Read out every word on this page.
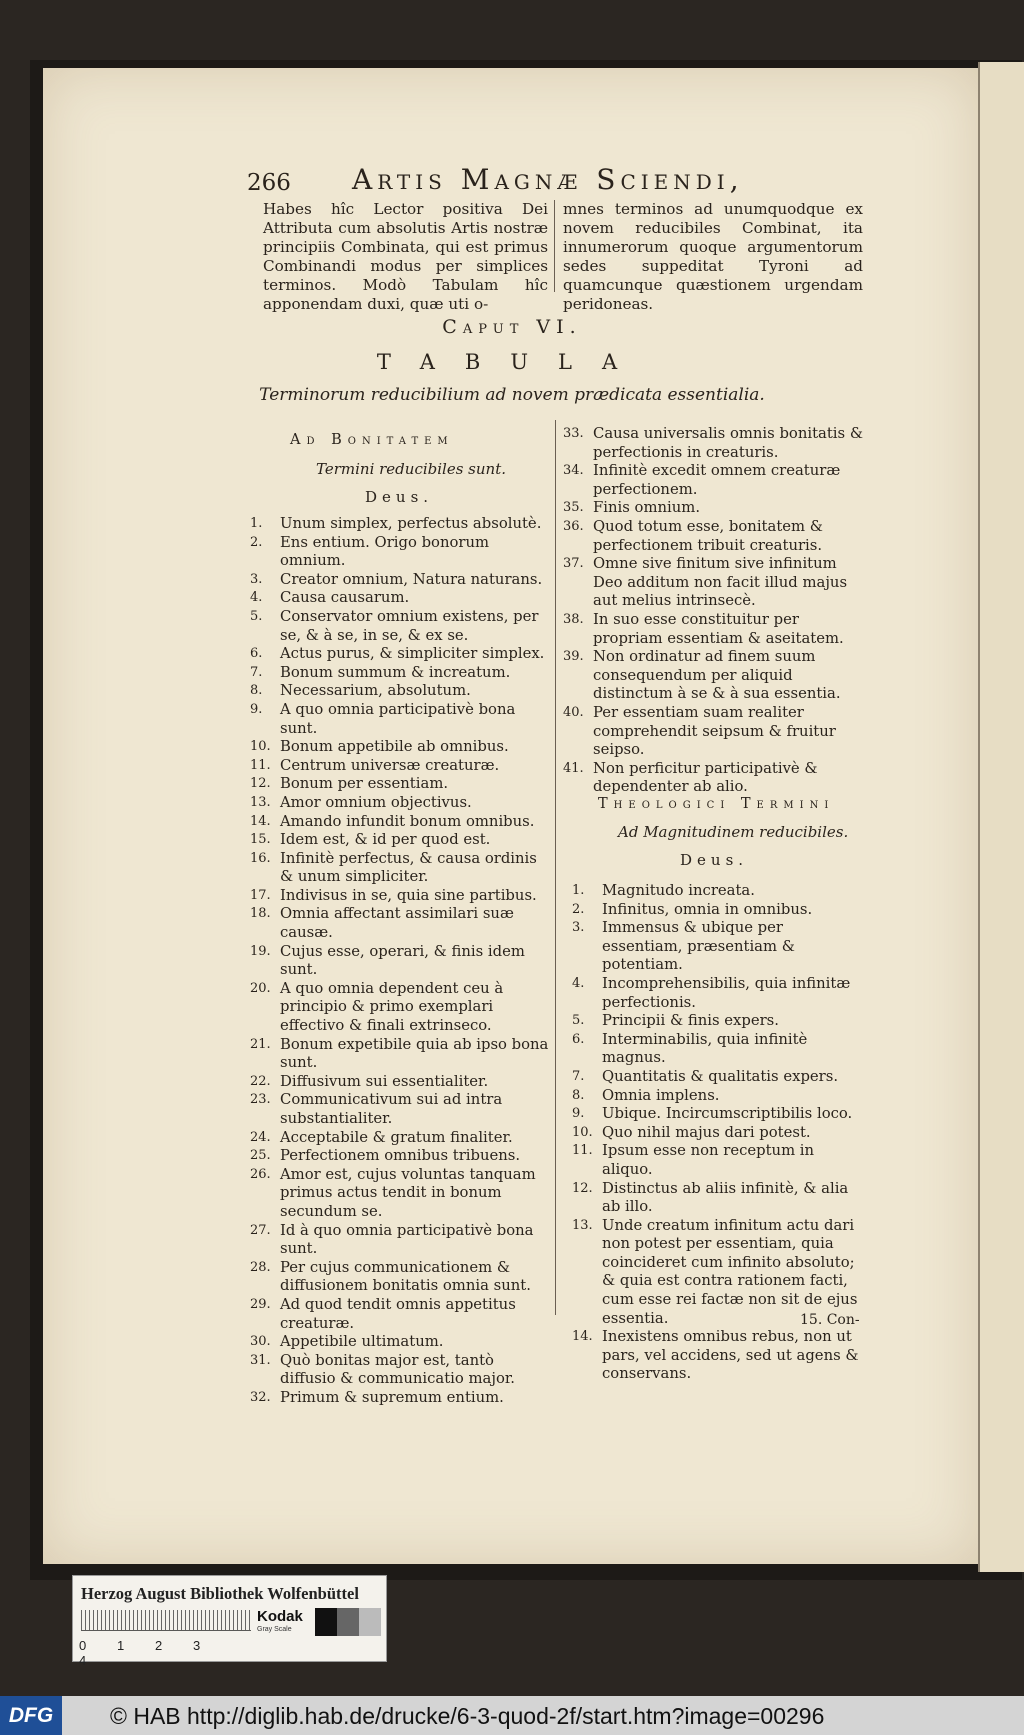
266 Artis Magnæ Sciendi,
Habes hîc Lector positiva Dei Attributa cum absolutis Artis nostræ principiis Combinata, qui est primus Combinandi modus per simplices terminos. Modò Tabulam hîc apponendam duxi, quæ uti o-
mnes terminos ad unumquodque ex novem reducibiles Combinat, ita innumerorum quoque argumentorum sedes suppeditat Tyroni ad quamcunque quæstionem urgendam peridoneas.
Caput VI.
TABULA
Terminorum reducibilium ad novem prædicata essentialia.
Ad Bonitatem
Termini reducibiles sunt.
Deus.
1.	Unum simplex, perfectus absolutè.
2.	Ens entium. Origo bonorum omnium.
3.	Creator omnium, Natura naturans.
4.	Causa causarum.
5.	Conservator omnium existens, per se, & à se, in se, & ex se.
6.	Actus purus, & simpliciter simplex.
7.	Bonum summum & increatum.
8.	Necessarium, absolutum.
9.	A quo omnia participativè bona sunt.
10. Bonum appetibile ab omnibus.
11. Centrum universæ creaturæ.
12. Bonum per essentiam.
13. Amor omnium objectivus.
14. Amando infundit bonum omnibus.
15. Idem est, & id per quod est.
16. Infinitè perfectus, & causa ordinis & unum simpliciter.
17. Indivisus in se, quia sine partibus.
18. Omnia affectant assimilari suæ causæ.
19. Cujus esse, operari, & finis idem sunt.
20. A quo omnia dependent ceu à principio & primo exemplari effectivo & finali extrinseco.
21. Bonum expetibile quia ab ipso bona sunt.
22. Diffusivum sui essentialiter.
23. Communicativum sui ad intra substantialiter.
24. Acceptabile & gratum finaliter.
25. Perfectionem omnibus tribuens.
26. Amor est, cujus voluntas tanquam primus actus tendit in bonum secundum se.
27. Id à quo omnia participativè bona sunt.
28. Per cujus communicationem & diffusionem bonitatis omnia sunt.
29. Ad quod tendit omnis appetitus creaturæ.
30. Appetibile ultimatum.
31. Quò bonitas major est, tantò diffusio & communicatio major.
32. Primum & supremum entium.
33. Causa universalis omnis bonitatis & perfectionis in creaturis.
34. Infinitè excedit omnem creaturæ perfectionem.
35. Finis omnium.
36. Quod totum esse, bonitatem & perfectionem tribuit creaturis.
37. Omne sive finitum sive infinitum Deo additum non facit illud majus aut melius intrinsecè.
38. In suo esse constituitur per propriam essentiam & aseitatem.
39. Non ordinatur ad finem suum consequendum per aliquid distinctum à se & à sua essentia.
40. Per essentiam suam realiter comprehendit seipsum & fruitur seipso.
41. Non perficitur participativè & dependenter ab alio.
Theologici Termini
Ad Magnitudinem reducibiles.
Deus.
1.	Magnitudo increata.
2.	Infinitus, omnia in omnibus.
3.	Immensus & ubique per essentiam, præsentiam & potentiam.
4.	Incomprehensibilis, quia infinitæ perfectionis.
5.	Principii & finis expers.
6.	Interminabilis, quia infinitè magnus.
7.	Quantitatis & qualitatis expers.
8.	Omnia implens.
9.	Ubique. Incircumscriptibilis loco.
10. Quo nihil majus dari potest.
11. Ipsum esse non receptum in aliquo.
12. Distinctus ab aliis infinitè, & alia ab illo.
13. Unde creatum infinitum actu dari non potest per essentiam, quia coincideret cum infinito absoluto; & quia est contra rationem facti, cum esse rei factæ non sit de ejus essentia.
14. Inexistens omnibus rebus, non ut pars, vel accidens, sed ut agens & conservans.
15. Con-
Herzog August Bibliothek Wolfenbüttel
0 1 2 34
Kodak
Gray Scale
DFG	© HAB http://diglib.hab.de/drucke/6-3-quod-2f/start.htm?image=00296
